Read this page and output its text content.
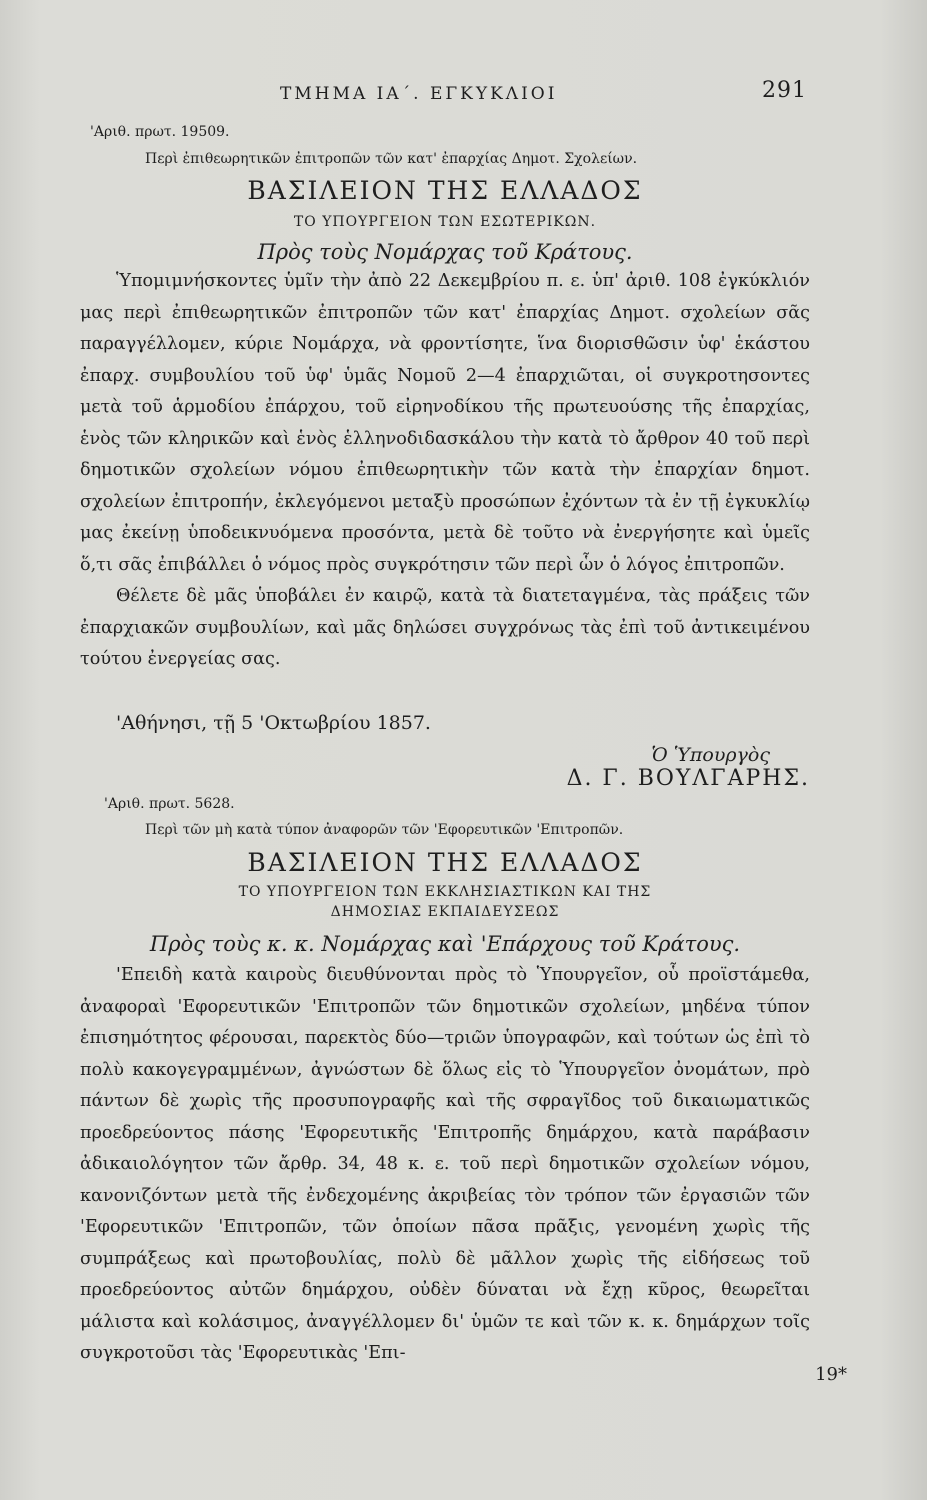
ΤΜΗΜΑ ΙΑ΄. ΕΓΚΥΚΛΙΟΙ	291
'Αριθ. πρωτ. 19509.
Περὶ ἐπιθεωρητικῶν ἐπιτροπῶν τῶν κατ' ἐπαρχίας Δημοτ. Σχολείων.
ΒΑΣΙΛΕΙΟΝ ΤΗΣ ΕΛΛΑΔΟΣ
ΤΟ ΥΠΟΥΡΓΕΙΟΝ ΤΩΝ ΕΣΩΤΕΡΙΚΩΝ.
Πρὸς τοὺς Νομάρχας τοῦ Κράτους.

Ὑπομιμνήσκοντες ὑμῖν τὴν ἀπὸ 22 Δεκεμβρίου π. ε. ὑπ' ἀριθ. 108 ἐγκύκλιόν μας περὶ ἐπιθεωρητικῶν ἐπιτροπῶν τῶν κατ' ἐπαρχίας Δημοτ. σχολείων σᾶς παραγγέλλομεν, κύριε Νομάρχα, νὰ φροντίσητε, ἵνα διορισθῶσιν ὑφ' ἑκάστου ἐπαρχ. συμβουλίου τοῦ ὑφ' ὑμᾶς Νομοῦ 2—4 ἐπαρχιῶται, οἱ συγκροτησοντες μετὰ τοῦ ἁρμοδίου ἐπάρχου, τοῦ εἰρηνοδίκου τῆς πρωτευούσης τῆς ἐπαρχίας, ἑνὸς τῶν κληρικῶν καὶ ἑνὸς ἑλληνοδιδασκάλου τὴν κατὰ τὸ ἄρθρον 40 τοῦ περὶ δημοτικῶν σχολείων νόμου ἐπιθεωρητικὴν τῶν κατὰ τὴν ἐπαρχίαν δημοτ. σχολείων ἐπιτροπήν, ἐκλεγόμενοι μεταξὺ προσώπων ἐχόντων τὰ ἐν τῇ ἐγκυκλίῳ μας ἐκείνῃ ὑποδεικνυόμενα προσόντα, μετὰ δὲ τοῦτο νὰ ἐνεργήσητε καὶ ὑμεῖς ὅ,τι σᾶς ἐπιβάλλει ὁ νόμος πρὸς συγκρότησιν τῶν περὶ ὧν ὁ λόγος ἐπιτροπῶν.

Θέλετε δὲ μᾶς ὑποβάλει ἐν καιρῷ, κατὰ τὰ διατεταγμένα, τὰς πράξεις τῶν ἐπαρχιακῶν συμβουλίων, καὶ μᾶς δηλώσει συγχρόνως τὰς ἐπὶ τοῦ ἀντικειμένου τούτου ἐνεργείας σας.

'Αθήνησι, τῇ 5 'Οκτωβρίου 1857.
Ὁ Ὑπουργὸς
Δ. Γ. ΒΟΥΛΓΑΡΗΣ.
'Αριθ. πρωτ. 5628.
Περὶ τῶν μὴ κατὰ τύπον ἀναφορῶν τῶν 'Εφορευτικῶν 'Επιτροπῶν.
ΒΑΣΙΛΕΙΟΝ ΤΗΣ ΕΛΛΑΔΟΣ
ΤΟ ΥΠΟΥΡΓΕΙΟΝ ΤΩΝ ΕΚΚΛΗΣΙΑΣΤΙΚΩΝ ΚΑΙ ΤΗΣ
ΔΗΜΟΣΙΑΣ ΕΚΠΑΙΔΕΥΣΕΩΣ
Πρὸς τοὺς κ. κ. Νομάρχας καὶ 'Επάρχους τοῦ Κράτους.

'Επειδὴ κατὰ καιροὺς διευθύνονται πρὸς τὸ Ὑπουργεῖον, οὗ προϊστάμεθα, ἀναφοραὶ 'Εφορευτικῶν 'Επιτροπῶν τῶν δημοτικῶν σχολείων, μηδένα τύπον ἐπισημότητος φέρουσαι, παρεκτὸς δύο—τριῶν ὑπογραφῶν, καὶ τούτων ὡς ἐπὶ τὸ πολὺ κακογεγραμμένων, ἀγνώστων δὲ ὅλως εἰς τὸ Ὑπουργεῖον ὀνομάτων, πρὸ πάντων δὲ χωρὶς τῆς προσυπογραφῆς καὶ τῆς σφραγῖδος τοῦ δικαιωματικῶς προεδρεύοντος πάσης 'Εφορευτικῆς 'Επιτροπῆς δημάρχου, κατὰ παράβασιν ἀδικαιολόγητον τῶν ἄρθρ. 34, 48 κ. ε. τοῦ περὶ δημοτικῶν σχολείων νόμου, κανονιζόντων μετὰ τῆς ἐνδεχομένης ἀκριβείας τὸν τρόπον τῶν ἐργασιῶν τῶν 'Εφορευτικῶν 'Επιτροπῶν, τῶν ὁποίων πᾶσα πρᾶξις, γενομένη χωρὶς τῆς συμπράξεως καὶ πρωτοβουλίας, πολὺ δὲ μᾶλλον χωρὶς τῆς εἰδήσεως τοῦ προεδρεύοντος αὐτῶν δημάρχου, οὐδὲν δύναται νὰ ἔχῃ κῦρος, θεωρεῖται μάλιστα καὶ κολάσιμος, ἀναγγέλλομεν δι' ὑμῶν τε καὶ τῶν κ. κ. δημάρχων τοῖς συγκροτοῦσι τὰς 'Εφορευτικὰς 'Επι-

19*
